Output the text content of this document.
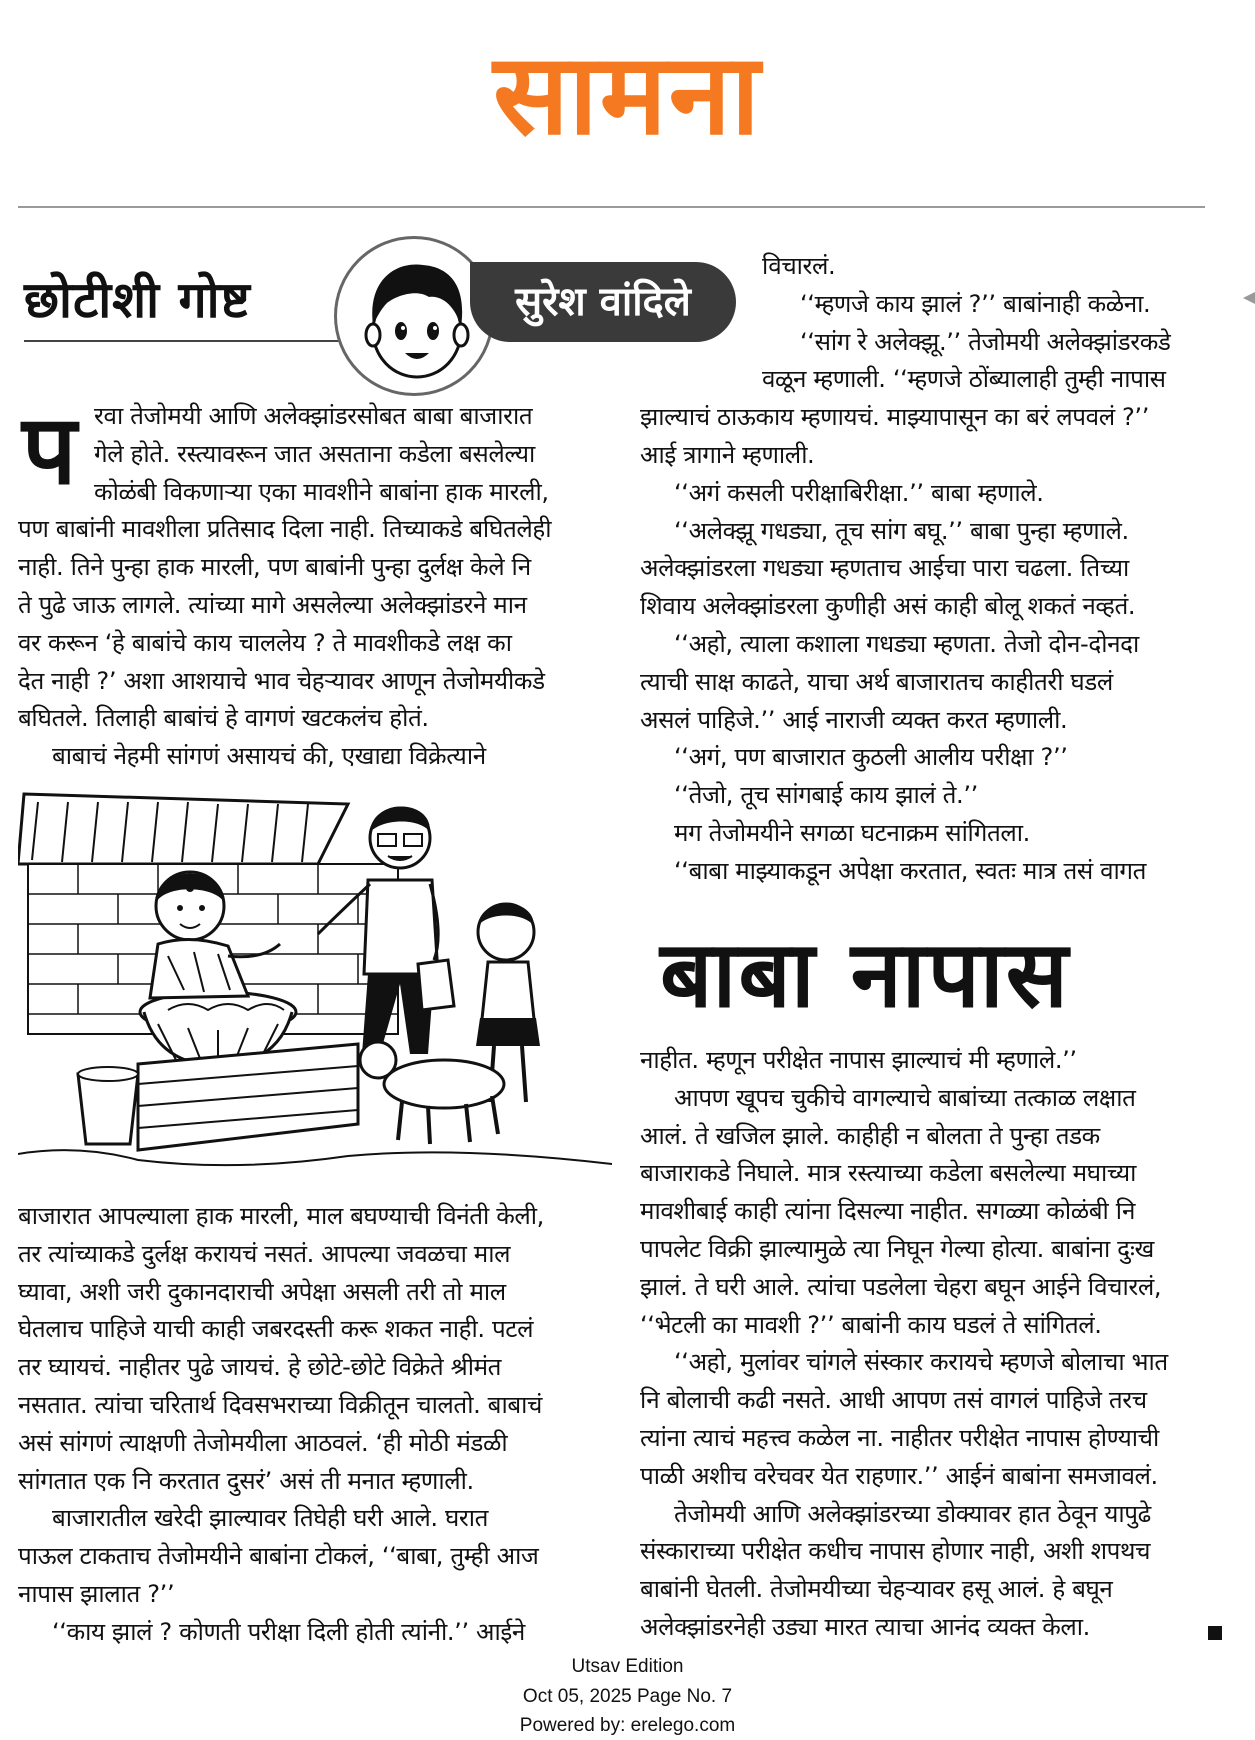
सामना
छोटीशी गोष्ट	सुरेश वांदिले
प रवा तेजोमयी आणि अलेक्झांडरसोबत बाबा बाजारात

गेले होते. रस्त्यावरून जात असताना कडेला बसलेल्या

कोळंबी विकणाऱ्या एका मावशीने बाबांना हाक मारली,

पण बाबांनी मावशीला प्रतिसाद दिला नाही. तिच्याकडे बघितलेही

नाही. तिने पुन्हा हाक मारली, पण बाबांनी पुन्हा दुर्लक्ष केले नि

ते पुढे जाऊ लागले. त्यांच्या मागे असलेल्या अलेक्झांडरने मान

वर करून ‘हे बाबांचे काय चाललेय ? ते मावशीकडे लक्ष का

देत नाही ?’ अशा आशयाचे भाव चेहऱ्यावर आणून तेजोमयीकडे

बघितले. तिलाही बाबांचं हे वागणं खटकलंच होतं.

बाबाचं नेहमी सांगणं असायचं की, एखाद्या विक्रेत्याने

बाजारात आपल्याला हाक मारली, माल बघण्याची विनंती केली,

तर त्यांच्याकडे दुर्लक्ष करायचं नसतं. आपल्या जवळचा माल

घ्यावा, अशी जरी दुकानदाराची अपेक्षा असली तरी तो माल

घेतलाच पाहिजे याची काही जबरदस्ती करू शकत नाही. पटलं

तर घ्यायचं. नाहीतर पुढे जायचं. हे छोटे-छोटे विक्रेते श्रीमंत

नसतात. त्यांचा चरितार्थ दिवसभराच्या विक्रीतून चालतो. बाबाचं

असं सांगणं त्याक्षणी तेजोमयीला आठवलं. ‘ही मोठी मंडळी

सांगतात एक नि करतात दुसरं’ असं ती मनात म्हणाली.

बाजारातील खरेदी झाल्यावर तिघेही घरी आले. घरात

पाऊल टाकताच तेजोमयीने बाबांना टोकलं, ‘‘बाबा, तुम्ही आज

नापास झालात ?’’

‘‘काय झालं ? कोणती परीक्षा दिली होती त्यांनी.’’ आईने

विचारलं.

‘‘म्हणजे काय झालं ?’’ बाबांनाही कळेना.

‘‘सांग रे अलेक्झू.’’ तेजोमयी अलेक्झांडरकडे

वळून म्हणाली. ‘‘म्हणजे ठोंब्यालाही तुम्ही नापास

झाल्याचं ठाऊकाय म्हणायचं. माझ्यापासून का बरं लपवलं ?’’

आई त्रागाने म्हणाली.

‘‘अगं कसली परीक्षाबिरीक्षा.’’ बाबा म्हणाले.

‘‘अलेक्झू गधड्या, तूच सांग बघू.’’ बाबा पुन्हा म्हणाले.

अलेक्झांडरला गधड्या म्हणताच आईचा पारा चढला. तिच्या

शिवाय अलेक्झांडरला कुणीही असं काही बोलू शकतं नव्हतं.

‘‘अहो, त्याला कशाला गधड्या म्हणता. तेजो दोन-दोनदा

त्याची साक्ष काढते, याचा अर्थ बाजारातच काहीतरी घडलं

असलं पाहिजे.’’ आई नाराजी व्यक्त करत म्हणाली.

‘‘अगं, पण बाजारात कुठली आलीय परीक्षा ?’’

‘‘तेजो, तूच सांगबाई काय झालं ते.’’

मग तेजोमयीने सगळा घटनाक्रम सांगितला.

‘‘बाबा माझ्याकडून अपेक्षा करतात, स्वतः मात्र तसं वागत

बाबा नापास

नाहीत. म्हणून परीक्षेत नापास झाल्याचं मी म्हणाले.’’

आपण खूपच चुकीचे वागल्याचे बाबांच्या तत्काळ लक्षात

आलं. ते खजिल झाले. काहीही न बोलता ते पुन्हा तडक

बाजाराकडे निघाले. मात्र रस्त्याच्या कडेला बसलेल्या मघाच्या

मावशीबाई काही त्यांना दिसल्या नाहीत. सगळ्या कोळंबी नि

पापलेट विक्री झाल्यामुळे त्या निघून गेल्या होत्या. बाबांना दुःख

झालं. ते घरी आले. त्यांचा पडलेला चेहरा बघून आईने विचारलं,

‘‘भेटली का मावशी ?’’ बाबांनी काय घडलं ते सांगितलं.

‘‘अहो, मुलांवर चांगले संस्कार करायचे म्हणजे बोलाचा भात

नि बोलाची कढी नसते. आधी आपण तसं वागलं पाहिजे तरच

त्यांना त्याचं महत्त्व कळेल ना. नाहीतर परीक्षेत नापास होण्याची

पाळी अशीच वरेचवर येत राहणार.’’ आईनं बाबांना समजावलं.

तेजोमयी आणि अलेक्झांडरच्या डोक्यावर हात ठेवून यापुढे

संस्काराच्या परीक्षेत कधीच नापास होणार नाही, अशी शपथच

बाबांनी घेतली. तेजोमयीच्या चेहऱ्यावर हसू आलं. हे बघून

अलेक्झांडरनेही उड्या मारत त्याचा आनंद व्यक्त केला.

Utsav Edition
Oct 05, 2025 Page No. 7
Powered by: erelego.com
